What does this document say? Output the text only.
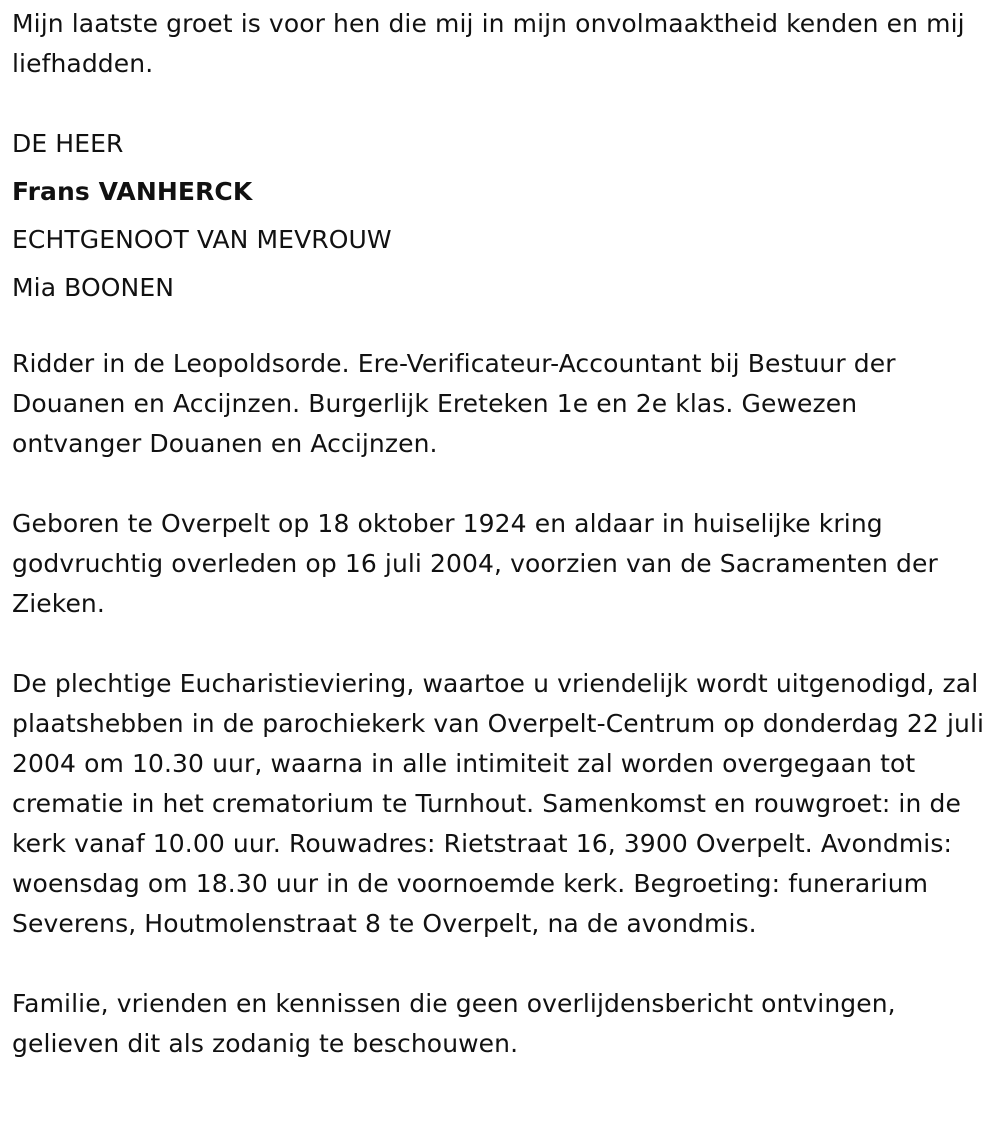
Mijn laatste groet is voor hen die mij in mijn onvolmaaktheid kenden en mij liefhadden.

DE HEER

Frans VANHERCK

ECHTGENOOT VAN MEVROUW

Mia BOONEN

Ridder in de Leopoldsorde. Ere-Verificateur-Accountant bij Bestuur der Douanen en Accijnzen. Burgerlijk Ereteken 1e en 2e klas. Gewezen ontvanger Douanen en Accijnzen.

Geboren te Overpelt op 18 oktober 1924 en aldaar in huiselijke kring godvruchtig overleden op 16 juli 2004, voorzien van de Sacramenten der Zieken.

De plechtige Eucharistieviering, waartoe u vriendelijk wordt uitgenodigd, zal plaatshebben in de parochiekerk van Overpelt-Centrum op donderdag 22 juli 2004 om 10.30 uur, waarna in alle intimiteit zal worden overgegaan tot crematie in het crematorium te Turnhout. Samenkomst en rouwgroet: in de kerk vanaf 10.00 uur. Rouwadres: Rietstraat 16, 3900 Overpelt. Avondmis: woensdag om 18.30 uur in de voornoemde kerk. Begroeting: funerarium Severens, Houtmolenstraat 8 te Overpelt, na de avondmis.

Familie, vrienden en kennissen die geen overlijdensbericht ontvingen, gelieven dit als zodanig te beschouwen.
